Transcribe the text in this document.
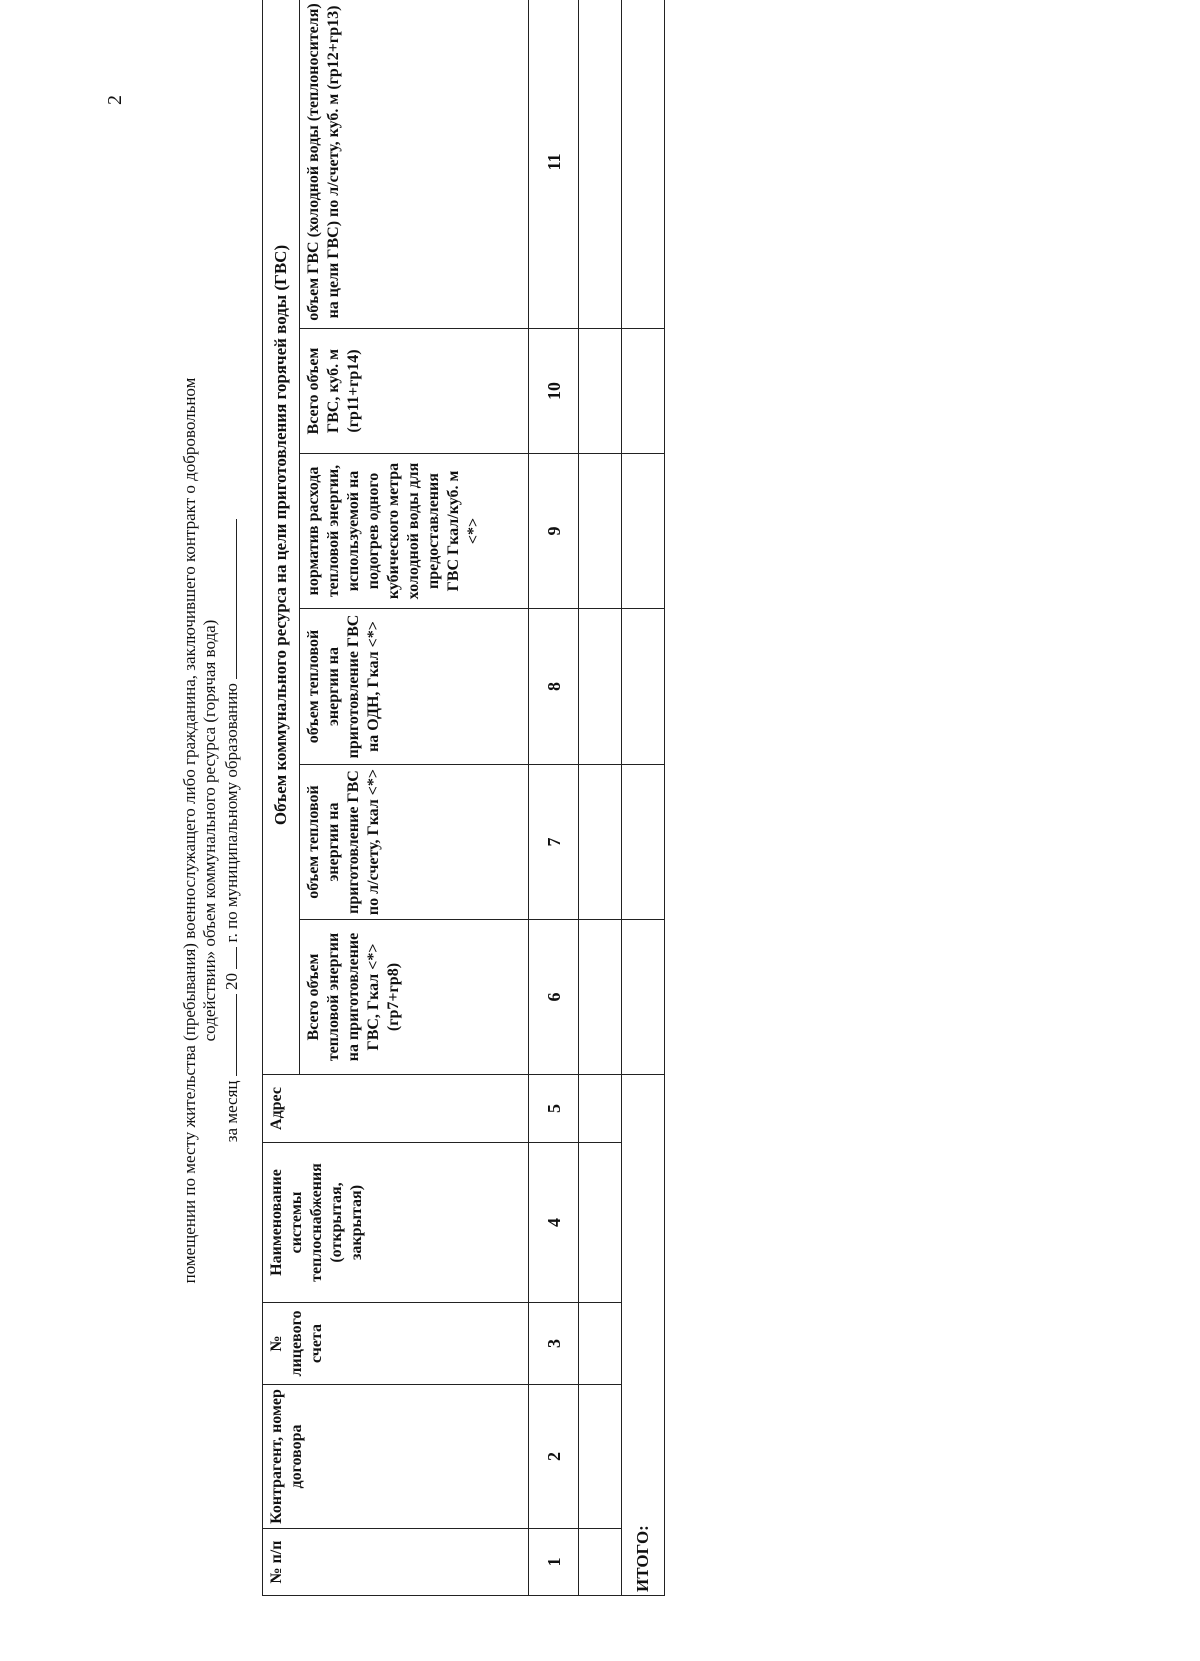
2
помещении по месту жительства (пребывания) военнослужащего либо гражданина, заключившего контракт о добровольном содействии» объем коммунального ресурса (горячая вода)
за месяц  20  г. по муниципальному образованию
№ п/п	Контрагент, номер договора	№ лицевого счета	Наименование системы теплоснабжения (открытая, закрытая)	Адрес	Объем коммунального ресурса на цели приготовления горячей воды (ГВС)					
					Всего объем тепловой энергии на приготовление ГВС, Гкал <*> (гр7+гр8)	объем тепловой энергии на приготовление ГВС по л/счету, Гкал <*>	объем тепловой энергии на приготовление ГВС на ОДН, Гкал <*>	норматив расхода тепловой энергии, используемой на подогрев одного кубического метра холодной воды для предоставления ГВС Гкал/куб. м <*>	Всего объем ГВС, куб. м (гр11+гр14)	объем ГВС (холодной воды (теплоносителя) на цели ГВС) по л/счету, куб. м (гр12+гр13)
1	2	3	4	5	6	7	8	9	10	11

ИТОГО:										
